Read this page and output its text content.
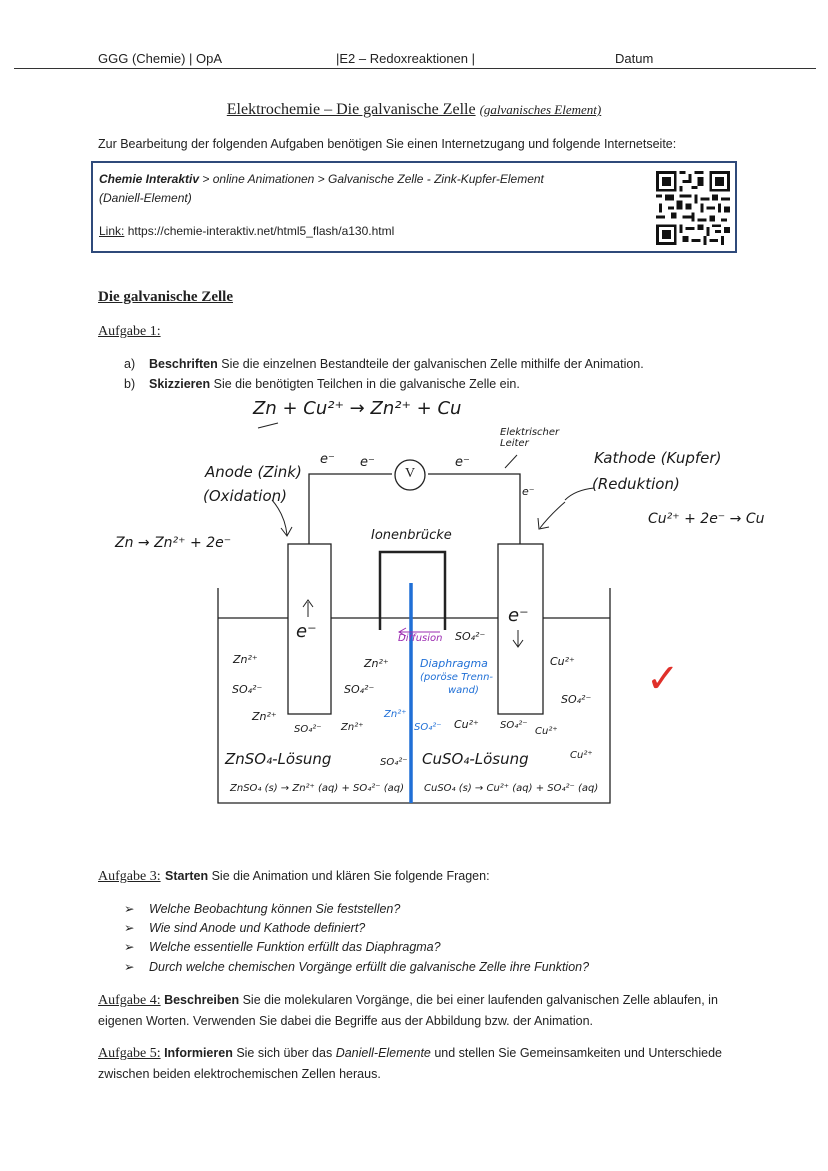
GGG (Chemie) | OpA	|E2 – Redoxreaktionen |	Datum
Elektrochemie – Die galvanische Zelle (galvanisches Element)
Zur Bearbeitung der folgenden Aufgaben benötigen Sie einen Internetzugang und folgende Internetseite:
Chemie Interaktiv > online Animationen > Galvanische Zelle - Zink-Kupfer-Element
(Daniell-Element)
Link: https://chemie-interaktiv.net/html5_flash/a130.html
Die galvanische Zelle
Aufgabe 1:
a) Beschriften Sie die einzelnen Bestandteile der galvanischen Zelle mithilfe der Animation.
b) Skizzieren Sie die benötigten Teilchen in die galvanische Zelle ein.
Zn + Cu²⁺ → Zn²⁺ + Cu
Elektrischer Leiter
Anode (Zink)
(Oxidation)
Zn → Zn²⁺ + 2e⁻
Kathode (Kupfer)
(Reduktion)
Cu²⁺ + 2e⁻ → Cu
V
e⁻ e⁻	e⁻
e⁻
Ionenbrücke
e⁻
e⁻
Diffusion
Diaphragma
(poröse Trenn-
wand)
Zn²⁺
SO₄²⁻
Zn²⁺
SO₄²⁻
Zn²⁺
SO₄²⁻
Zn²⁺
Zn²⁺
SO₄²⁻
Cu²⁺
SO₄²⁻
SO₄²⁻ Cu²⁺ SO₄²⁻
Cu²⁺
Cu²⁺
SO₄²⁻
ZnSO₄-Lösung	CuSO₄-Lösung
ZnSO₄ (s) → Zn²⁺ (aq) + SO₄²⁻ (aq) CuSO₄ (s) → Cu²⁺ (aq) + SO₄²⁻ (aq)
✓
Aufgabe 3: Starten Sie die Animation und klären Sie folgende Fragen:
➢ Welche Beobachtung können Sie feststellen?
➢ Wie sind Anode und Kathode definiert?
➢ Welche essentielle Funktion erfüllt das Diaphragma?
➢ Durch welche chemischen Vorgänge erfüllt die galvanische Zelle ihre Funktion?
Aufgabe 4: Beschreiben Sie die molekularen Vorgänge, die bei einer laufenden galvanischen Zelle ablaufen, in eigenen Worten. Verwenden Sie dabei die Begriffe aus der Abbildung bzw. der Animation.
Aufgabe 5: Informieren Sie sich über das Daniell-Elemente und stellen Sie Gemeinsamkeiten und Unterschiede zwischen beiden elektrochemischen Zellen heraus.
